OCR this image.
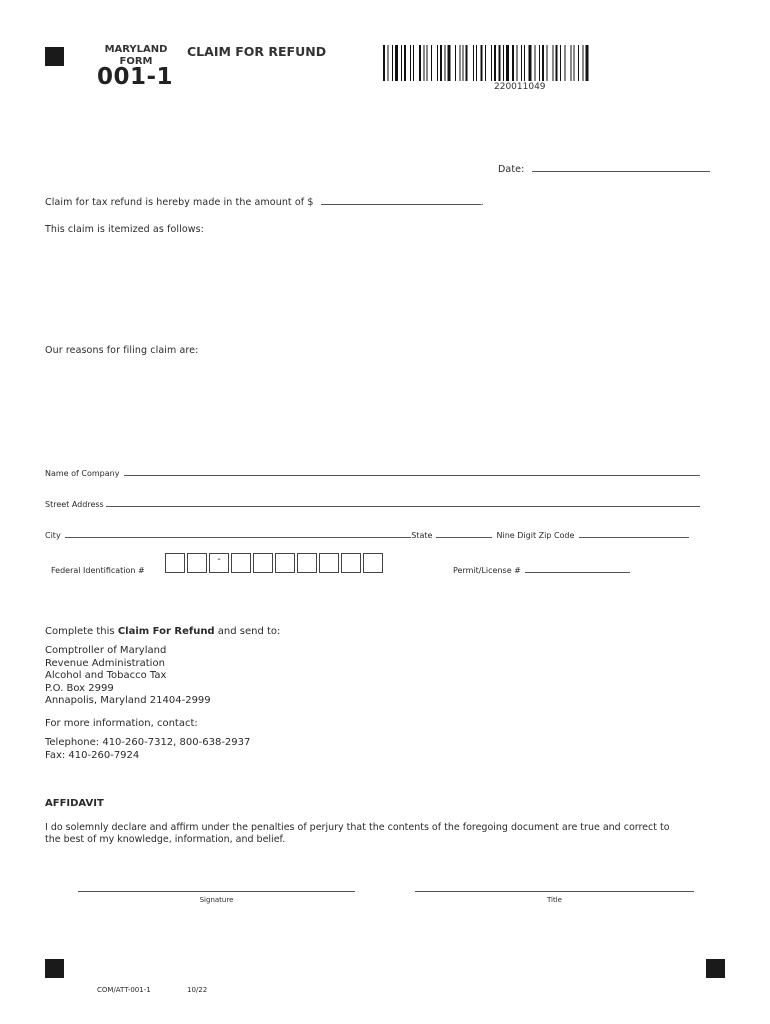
MARYLAND
FORM
001-1
CLAIM FOR REFUND
220011049
Date:
Claim for tax refund is hereby made in the amount of $	.
This claim is itemized as follows:
Our reasons for filing claim are:
Name of Company
Street Address
City	State	Nine Digit Zip Code
Federal Identification #
-
Permit/License #
Complete this Claim For Refund and send to:
Comptroller of Maryland
Revenue Administration
Alcohol and Tobacco Tax
P.O. Box 2999
Annapolis, Maryland 21404-2999
For more information, contact:
Telephone: 410-260-7312, 800-638-2937
Fax: 410-260-7924
AFFIDAVIT
I do solemnly declare and affirm under the penalties of perjury that the contents of the foregoing document are true and correct to
the best of my knowledge, information, and belief.
Signature	Title
COM/ATT-001-1	10/22
